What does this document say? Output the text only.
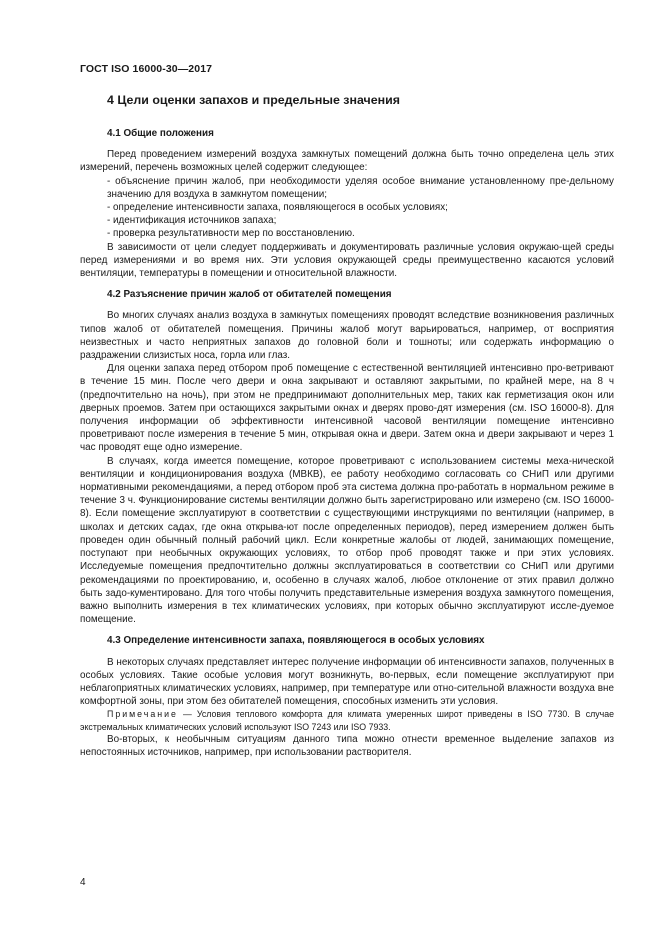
ГОСТ ISO 16000-30—2017
4 Цели оценки запахов и предельные значения
4.1 Общие положения

Перед проведением измерений воздуха замкнутых помещений должна быть точно определена цель этих измерений, перечень возможных целей содержит следующее:

- объяснение причин жалоб, при необходимости уделяя особое внимание установленному пре-дельному значению для воздуха в замкнутом помещении;

- определение интенсивности запаха, появляющегося в особых условиях;

- идентификация источников запаха;

- проверка результативности мер по восстановлению.

В зависимости от цели следует поддерживать и документировать различные условия окружаю-щей среды перед измерениями и во время них. Эти условия окружающей среды преимущественно касаются условий вентиляции, температуры в помещении и относительной влажности.

4.2 Разъяснение причин жалоб от обитателей помещения

Во многих случаях анализ воздуха в замкнутых помещениях проводят вследствие возникновения различных типов жалоб от обитателей помещения. Причины жалоб могут варьироваться, например, от восприятия неизвестных и часто неприятных запахов до головной боли и тошноты; или содержать информацию о раздражении слизистых носа, горла или глаз.

Для оценки запаха перед отбором проб помещение с естественной вентиляцией интенсивно про-ветривают в течение 15 мин. После чего двери и окна закрывают и оставляют закрытыми, по крайней мере, на 8 ч (предпочтительно на ночь), при этом не предпринимают дополнительных мер, таких как герметизация окон или дверных проемов. Затем при остающихся закрытыми окнах и дверях прово-дят измерения (см. ISO 16000-8). Для получения информации об эффективности интенсивной часовой вентиляции помещение интенсивно проветривают после измерения в течение 5 мин, открывая окна и двери. Затем окна и двери закрывают и через 1 час проводят еще одно измерение.

В случаях, когда имеется помещение, которое проветривают с использованием системы меха-нической вентиляции и кондиционирования воздуха (МВКВ), ее работу необходимо согласовать со СНиП или другими нормативными рекомендациями, а перед отбором проб эта система должна про-работать в нормальном режиме в течение 3 ч. Функционирование системы вентиляции должно быть зарегистрировано или измерено (см. ISO 16000-8). Если помещение эксплуатируют в соответствии с существующими инструкциями по вентиляции (например, в школах и детских садах, где окна открыва-ют после определенных периодов), перед измерением должен быть проведен один обычный полный рабочий цикл. Если конкретные жалобы от людей, занимающих помещение, поступают при необычных окружающих условиях, то отбор проб проводят также и при этих условиях. Исследуемые помещения предпочтительно должны эксплуатироваться в соответствии со СНиП или другими рекомендациями по проектированию, и, особенно в случаях жалоб, любое отклонение от этих правил должно быть задо-кументировано. Для того чтобы получить представительные измерения воздуха замкнутого помещения, важно выполнить измерения в тех климатических условиях, при которых обычно эксплуатируют иссле-дуемое помещение.

4.3 Определение интенсивности запаха, появляющегося в особых условиях

В некоторых случаях представляет интерес получение информации об интенсивности запахов, полученных в особых условиях. Такие особые условия могут возникнуть, во-первых, если помещение эксплуатируют при неблагоприятных климатических условиях, например, при температуре или отно-сительной влажности воздуха вне комфортной зоны, при этом без обитателей помещения, способных изменить эти условия.

Примечание — Условия теплового комфорта для климата умеренных широт приведены в ISO 7730. В случае экстремальных климатических условий используют ISO 7243 или ISO 7933.

Во-вторых, к необычным ситуациям данного типа можно отнести временное выделение запахов из непостоянных источников, например, при использовании растворителя.

4
